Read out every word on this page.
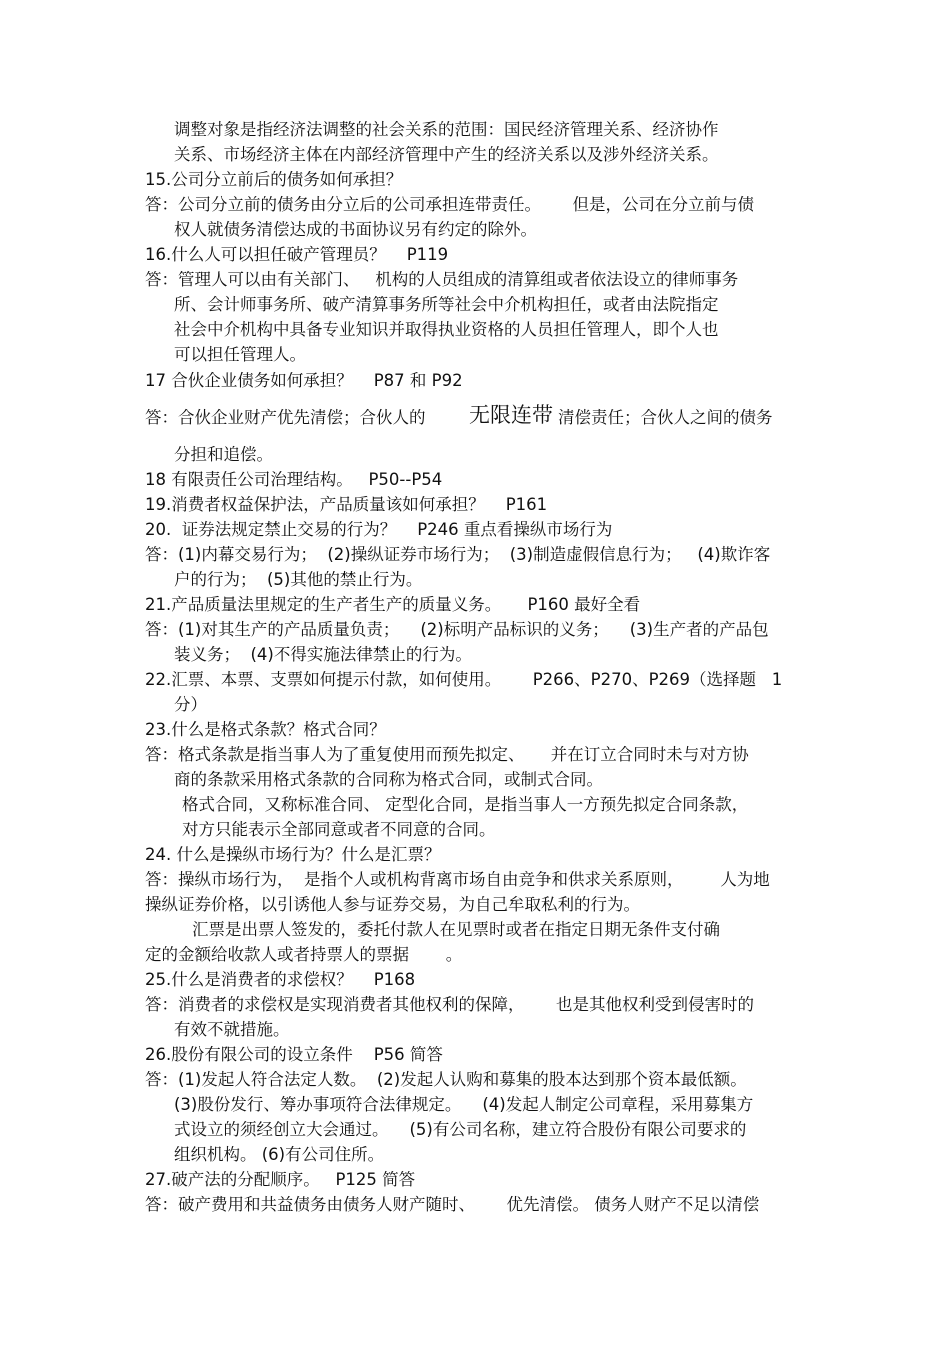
调整对象是指经济法调整的社会关系的范围：国民经济管理关系、经济协作
关系、市场经济主体在内部经济管理中产生的经济关系以及涉外经济关系。
15.公司分立前后的债务如何承担？
答：公司分立前的债务由分立后的公司承担连带责任。      但是，公司在分立前与债
权人就债务清偿达成的书面协议另有约定的除外。
16.什么人可以担任破产管理员？    P119
答：管理人可以由有关部门、   机构的人员组成的清算组或者依法设立的律师事务
所、会计师事务所、破产清算事务所等社会中介机构担任，或者由法院指定
社会中介机构中具备专业知识并取得执业资格的人员担任管理人，即个人也
可以担任管理人。
17 合伙企业债务如何承担？    P87 和 P92
答：合伙企业财产优先清偿；合伙人的 无限连带 清偿责任；合伙人之间的债务
分担和追偿。
18 有限责任公司治理结构。   P50--P54
19.消费者权益保护法，产品质量该如何承担？    P161
20.  证券法规定禁止交易的行为？    P246 重点看操纵市场行为
答：(1)内幕交易行为；  (2)操纵证券市场行为；  (3)制造虚假信息行为；   (4)欺诈客
户的行为；  (5)其他的禁止行为。
21.产品质量法里规定的生产者生产的质量义务。     P160 最好全看
答：(1)对其生产的产品质量负责；    (2)标明产品标识的义务；    (3)生产者的产品包
装义务；  (4)不得实施法律禁止的行为。
22.汇票、本票、支票如何提示付款，如何使用。      P266、P270、P269（选择题   1
分）
23.什么是格式条款？格式合同？
答：格式条款是指当事人为了重复使用而预先拟定、     并在订立合同时未与对方协
商的条款采用格式条款的合同称为格式合同，或制式合同。
格式合同，又称标准合同、 定型化合同，是指当事人一方预先拟定合同条款，
对方只能表示全部同意或者不同意的合同。
24. 什么是操纵市场行为？什么是汇票？
答：操纵市场行为，  是指个人或机构背离市场自由竞争和供求关系原则，       人为地
操纵证券价格，以引诱他人参与证券交易，为自己牟取私利的行为。
汇票是出票人签发的，委托付款人在见票时或者在指定日期无条件支付确
定的金额给收款人或者持票人的票据       。
25.什么是消费者的求偿权？    P168
答：消费者的求偿权是实现消费者其他权利的保障，      也是其他权利受到侵害时的
有效不就措施。
26.股份有限公司的设立条件    P56 简答
答：(1)发起人符合法定人数。  (2)发起人认购和募集的股本达到那个资本最低额。
(3)股份发行、筹办事项符合法律规定。    (4)发起人制定公司章程，采用募集方
式设立的须经创立大会通过。    (5)有公司名称，建立符合股份有限公司要求的
组织机构。 (6)有公司住所。
27.破产法的分配顺序。   P125 简答
答：破产费用和共益债务由债务人财产随时、      优先清偿。 债务人财产不足以清偿
